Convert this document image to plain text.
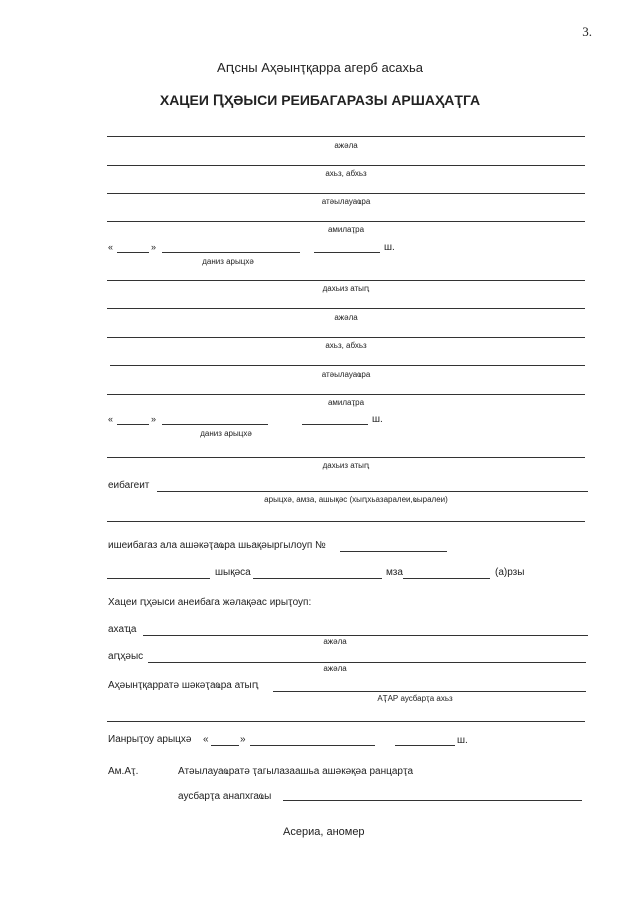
3.
Аԥсны Аҳәынҭқарра агерб асахьа
ХАЦЕИ ԤҲӘЫСИ РЕИБАГАРАЗЫ АРШАҲАҬГА
ажәла
ахьз, абхьз
атәылауаҩра
амилаҭра
«	»	ш.
даниз арыцхә
дахьиз атыԥ
ажәла
ахьз, абхьз
атәылауаҩра
амилаҭра
«	»	ш.
даниз арыцхә
дахьиз атыԥ
еибагеит
арыцхә, амза, ашықәс (хыԥхьазаралеи,ҩыралеи)
ишеибагаз ала ашәкәҭаҩра шьақәыргылоуп №
шықәса	мза	(а)рзы
Хацеи ԥҳәыси анеибага жәлақәас ирыҭоуп:
ахаҵа
ажәла
аԥҳәыс
ажәла
Аҳәынҭқарратә шәкәҭаҩра атыԥ
АҬАР аусбарҭа ахьз
Ианрыҭоу арыцхә «	»	ш.
Ам.Аҭ.	Атәылауаҩратә ҭагылазаашьа ашәкәқәа ранцарҭа
аусбарҭа анапхгаҩы
Асериа, аномер
